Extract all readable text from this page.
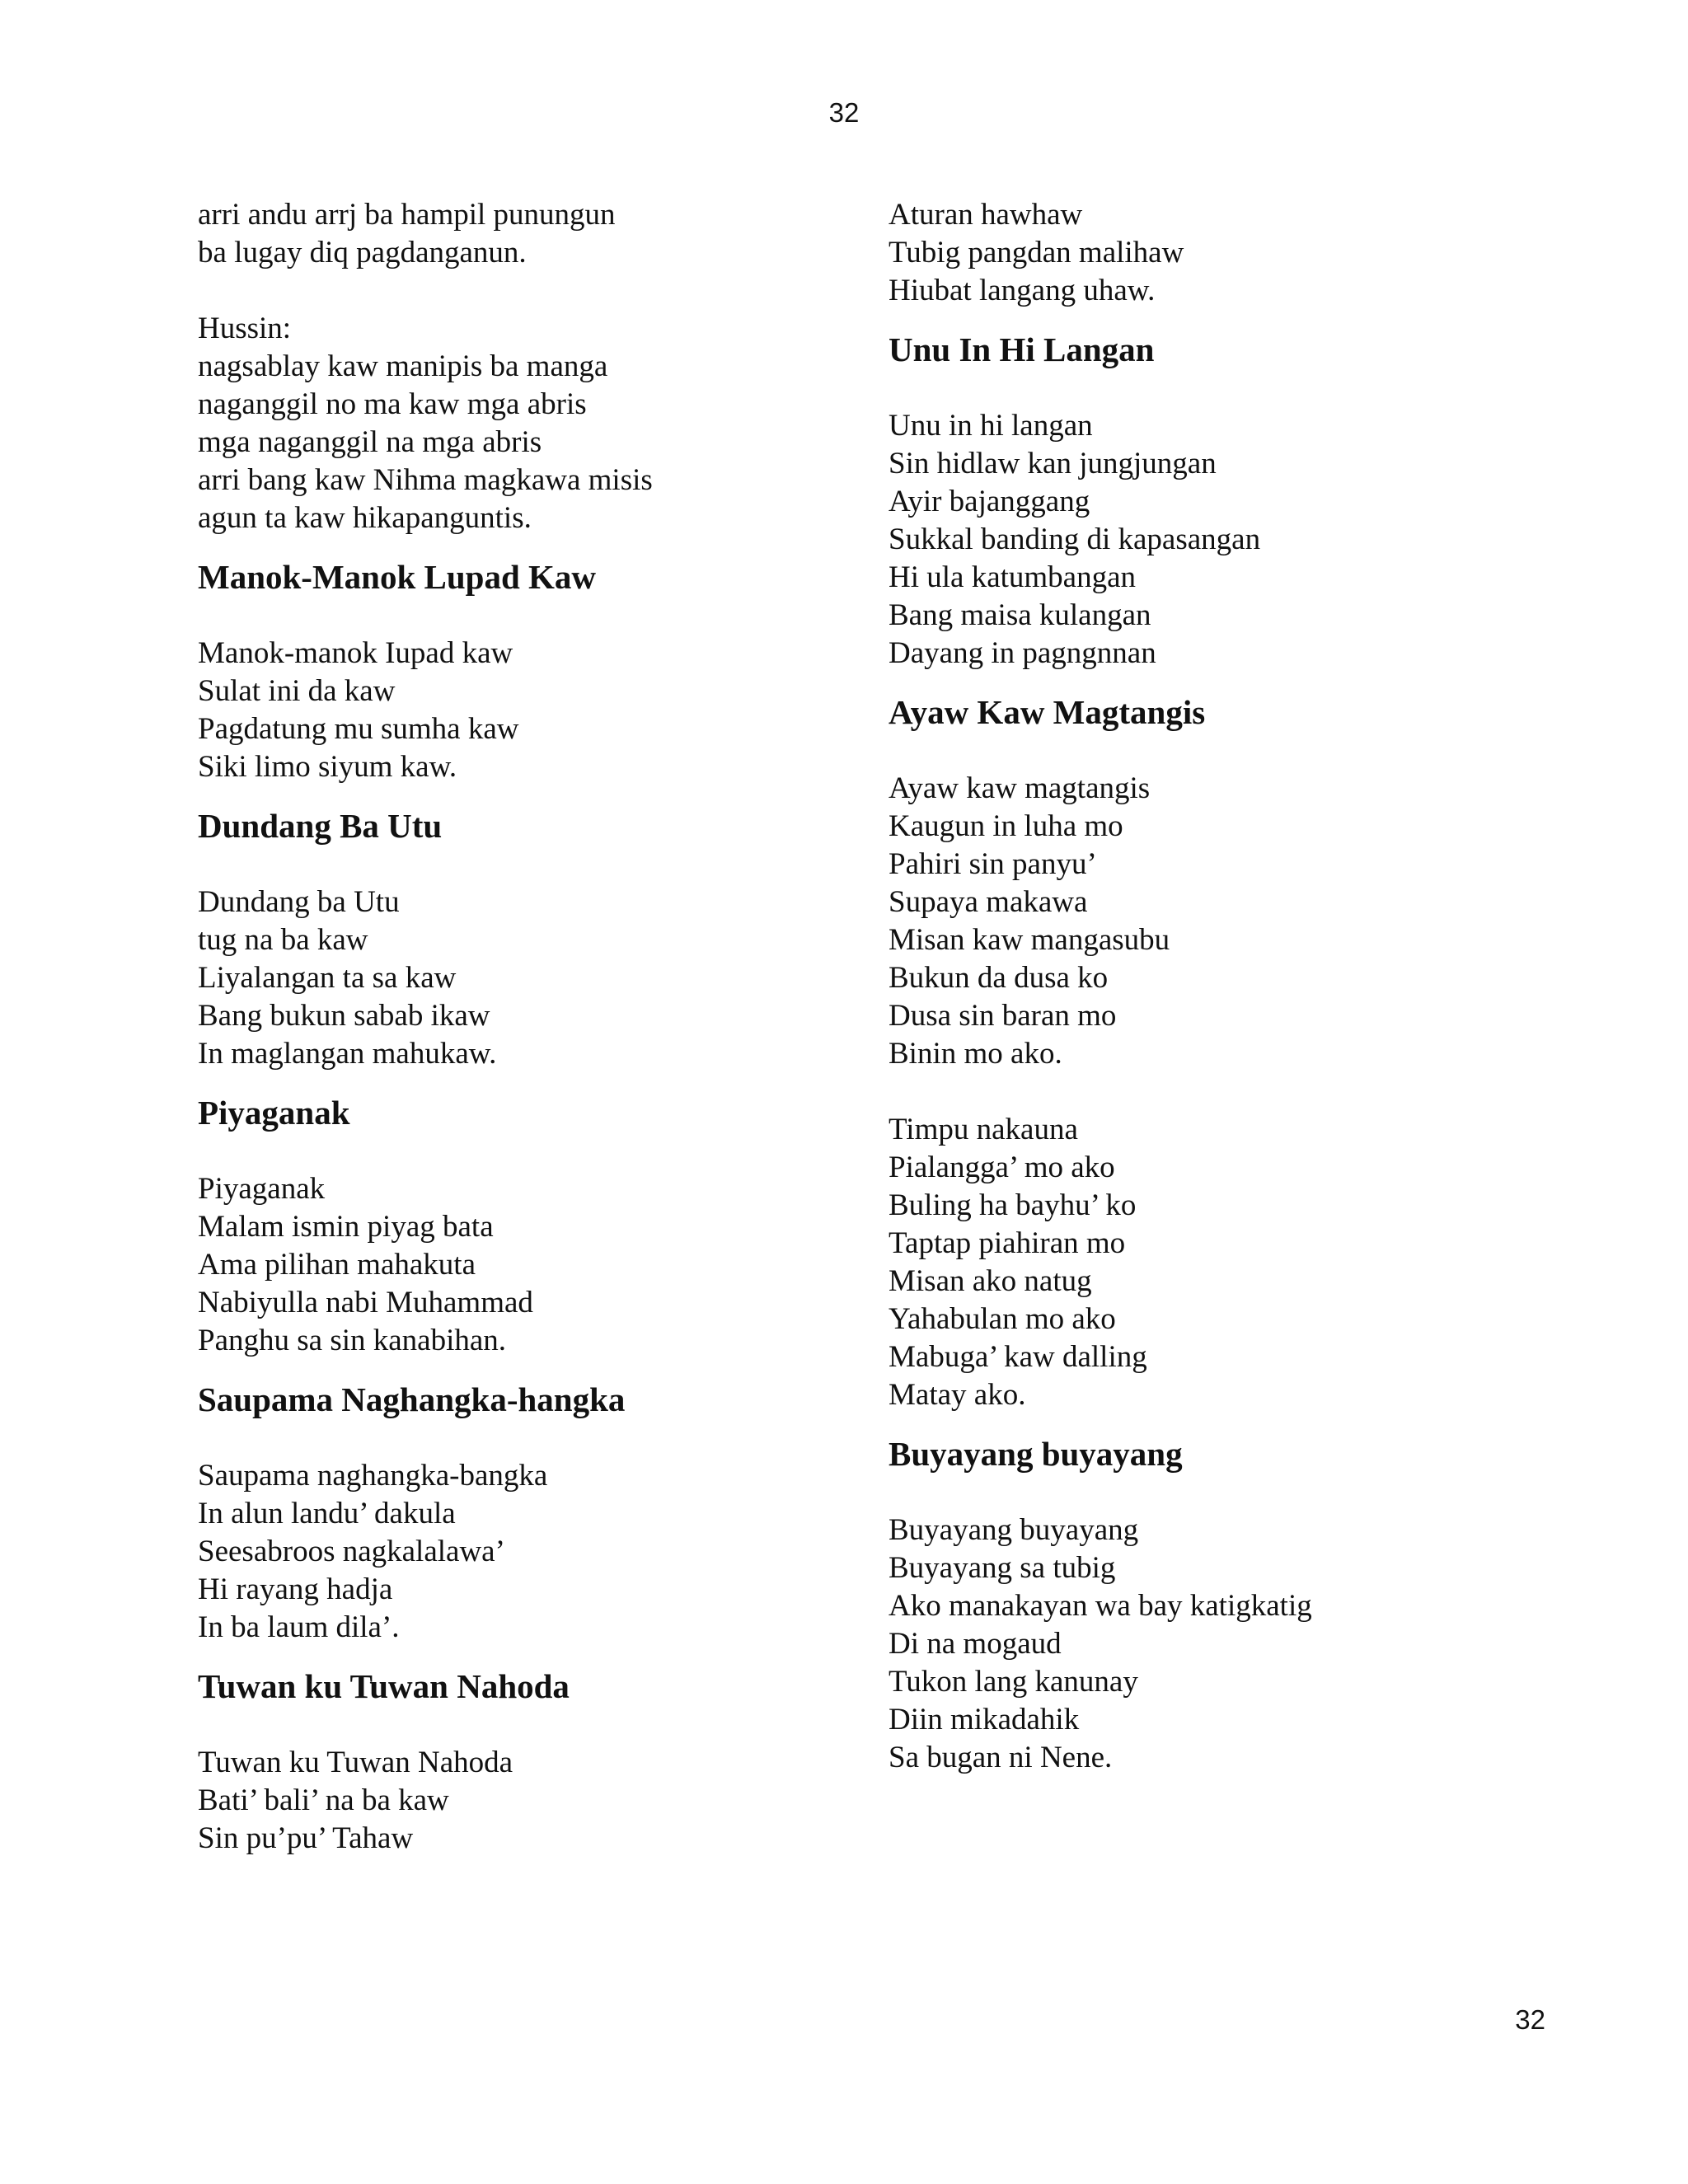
32
arri andu arrj ba hampil punungun
ba lugay diq pagdanganun.
Hussin:
nagsablay kaw manipis ba manga
naganggil no ma kaw mga abris
mga naganggil na mga abris
arri bang kaw Nihma magkawa misis
agun ta kaw hikapanguntis.
Manok-Manok Lupad Kaw
Manok-manok Iupad kaw
Sulat ini da kaw
Pagdatung mu sumha kaw
Siki limo siyum kaw.
Dundang Ba Utu
Dundang ba Utu
tug na ba kaw
Liyalangan ta sa kaw
Bang bukun sabab ikaw
In maglangan mahukaw.
Piyaganak
Piyaganak
Malam ismin piyag bata
Ama pilihan mahakuta
Nabiyulla nabi Muhammad
Panghu sa sin kanabihan.
Saupama Naghangka-hangka
Saupama naghangka-bangka
In alun landu’ dakula
Seesabroos nagkalalawa’
Hi rayang hadja
In ba laum dila’.
Tuwan ku Tuwan Nahoda
Tuwan ku Tuwan Nahoda
Bati’ bali’ na ba kaw
Sin pu’pu’ Tahaw
Aturan hawhaw
Tubig pangdan malihaw
Hiubat langang uhaw.
Unu In Hi Langan
Unu in hi langan
Sin hidlaw kan jungjungan
Ayir bajanggang
Sukkal banding di kapasangan
Hi ula katumbangan
Bang maisa kulangan
Dayang in pagngnnan
Ayaw Kaw Magtangis
Ayaw kaw magtangis
Kaugun in luha mo
Pahiri sin panyu’
Supaya makawa
Misan kaw mangasubu
Bukun da dusa ko
Dusa sin baran mo
Binin mo ako.
Timpu nakauna
Pialangga’ mo ako
Buling ha bayhu’ ko
Taptap piahiran mo
Misan ako natug
Yahabulan mo ako
Mabuga’ kaw dalling
Matay ako.
Buyayang buyayang
Buyayang buyayang
Buyayang sa tubig
Ako manakayan wa bay katigkatig
Di na mogaud
Tukon lang kanunay
Diin mikadahik
Sa bugan ni Nene.
32
